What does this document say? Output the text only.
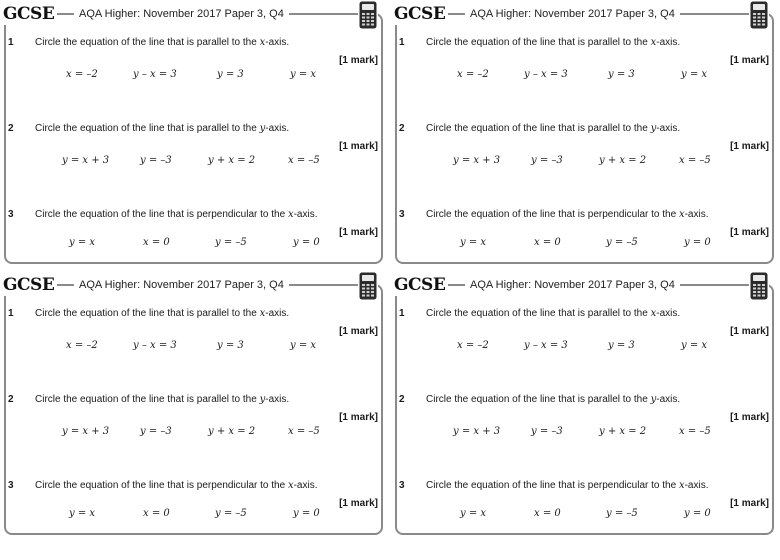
GCSE	AQA Higher: November 2017 Paper 3, Q4
1 Circle the equation of the line that is parallel to the x-axis.
[1 mark]
x = –2	y – x = 3	y = 3	y = x
2 Circle the equation of the line that is parallel to the y-axis.
[1 mark]
y = x + 3	y = –3	y + x = 2	x = –5
3 Circle the equation of the line that is perpendicular to the x-axis.
[1 mark]
y = x	x = 0	y = –5	y = 0
GCSE	AQA Higher: November 2017 Paper 3, Q4
1 Circle the equation of the line that is parallel to the x-axis.
[1 mark]
x = –2	y – x = 3	y = 3	y = x
2 Circle the equation of the line that is parallel to the y-axis.
[1 mark]
y = x + 3	y = –3	y + x = 2	x = –5
3 Circle the equation of the line that is perpendicular to the x-axis.
[1 mark]
y = x	x = 0	y = –5	y = 0
GCSE	AQA Higher: November 2017 Paper 3, Q4
1 Circle the equation of the line that is parallel to the x-axis.
[1 mark]
x = –2	y – x = 3	y = 3	y = x
2 Circle the equation of the line that is parallel to the y-axis.
[1 mark]
y = x + 3	y = –3	y + x = 2	x = –5
3 Circle the equation of the line that is perpendicular to the x-axis.
[1 mark]
y = x	x = 0	y = –5	y = 0
GCSE	AQA Higher: November 2017 Paper 3, Q4
1 Circle the equation of the line that is parallel to the x-axis.
[1 mark]
x = –2	y – x = 3	y = 3	y = x
2 Circle the equation of the line that is parallel to the y-axis.
[1 mark]
y = x + 3	y = –3	y + x = 2	x = –5
3 Circle the equation of the line that is perpendicular to the x-axis.
[1 mark]
y = x	x = 0	y = –5	y = 0
